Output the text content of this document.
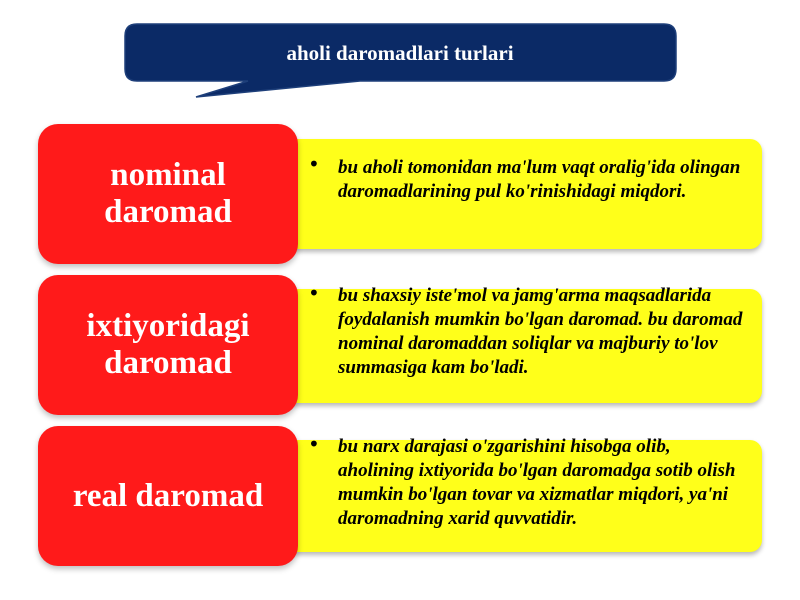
aholi daromadlari turlari
nominal daromad
• bu aholi tomonidan ma'lum vaqt oralig'ida olingan daromadlarining pul ko'rinishidagi miqdori.
ixtiyoridagi daromad
• bu shaxsiy iste'mol va jamg'arma maqsadlarida foydalanish mumkin bo'lgan daromad. bu daromad nominal daromaddan soliqlar va majburiy to'lov summasiga kam bo'ladi.
real daromad
• bu narx darajasi o'zgarishini hisobga olib, aholining ixtiyorida bo'lgan daromadga sotib olish mumkin bo'lgan tovar va xizmatlar miqdori, ya'ni daromadning xarid quvvatidir.
